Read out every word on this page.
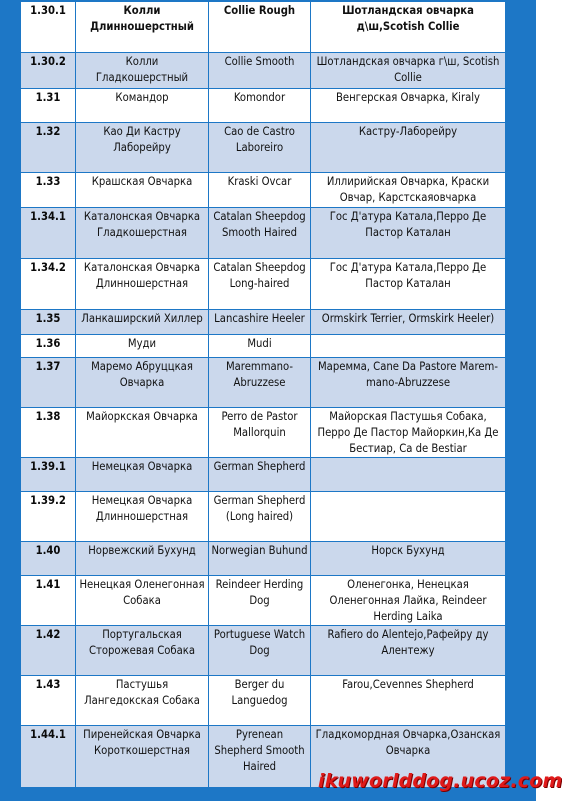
1.30.1	Колли Длинношерстный	Collie Rough	Шотландская овчарка д\ш,Scotish Collie
1.30.2	Колли Гладкошерстный	Collie Smooth	Шотландская овчарка г\ш, Scotish Collie
1.31	Командор	Komondor	Венгерская Овчарка, Kiraly
1.32	Као Ди Кастру Лаборейру	Cao de Castro Laboreiro	Кастру-Лаборейру
1.33	Крашская Овчарка	Kraski Ovcar	Иллирийская Овчарка, Краски Овчар, Карстскаяовчарка
1.34.1	Каталонская Овчарка Гладкошерстная	Catalan Sheepdog Smooth Haired	Гос Д'атура Катала,Перро Де Пастор Каталан
1.34.2	Каталонская Овчарка Длинношерстная	Catalan Sheepdog Long-haired	Гос Д'атура Катала,Перро Де Пастор Каталан
1.35	Ланкаширский Хиллер	Lancashire Heeler	Ormskirk Terrier, Ormskirk Heeler)
1.36	Муди	Mudi	
1.37	Маремо Абруццкая Овчарка	Maremmano-Abruzzese	Маремма, Cane Da Pastore Marem-mano-Abruzzese
1.38	Майоркская Овчарка	Perro de Pastor Mallorquin	Майорская Пастушья Собака, Перро Де Пастор Майоркин,Ка Де Бестиар, Ca de Bestiar
1.39.1	Немецкая Овчарка	German Shepherd	
1.39.2	Немецкая Овчарка Длинношерстная	German Shepherd (Long haired)	
1.40	Норвежский Бухунд	Norwegian Buhund	Норск Бухунд
1.41	Ненецкая Оленегонная Собака	Reindeer Herding Dog	Оленегонка, Ненецкая Оленегонная Лайка, Reindeer Herding Laika
1.42	Португальская Сторожевая Собака	Portuguese Watch Dog	Rafiero do Alentejo,Рафейру ду Алентежу
1.43	Пастушья Лангедокская Собака	Berger du Languedog	Farou,Cevennes Shepherd
1.44.1	Пиренейская Овчарка Короткошерстная	Pyrenean Shepherd Smooth Haired	Гладкомордная Овчарка,Озанская Овчарка
ikuworlddog.ucoz.com
